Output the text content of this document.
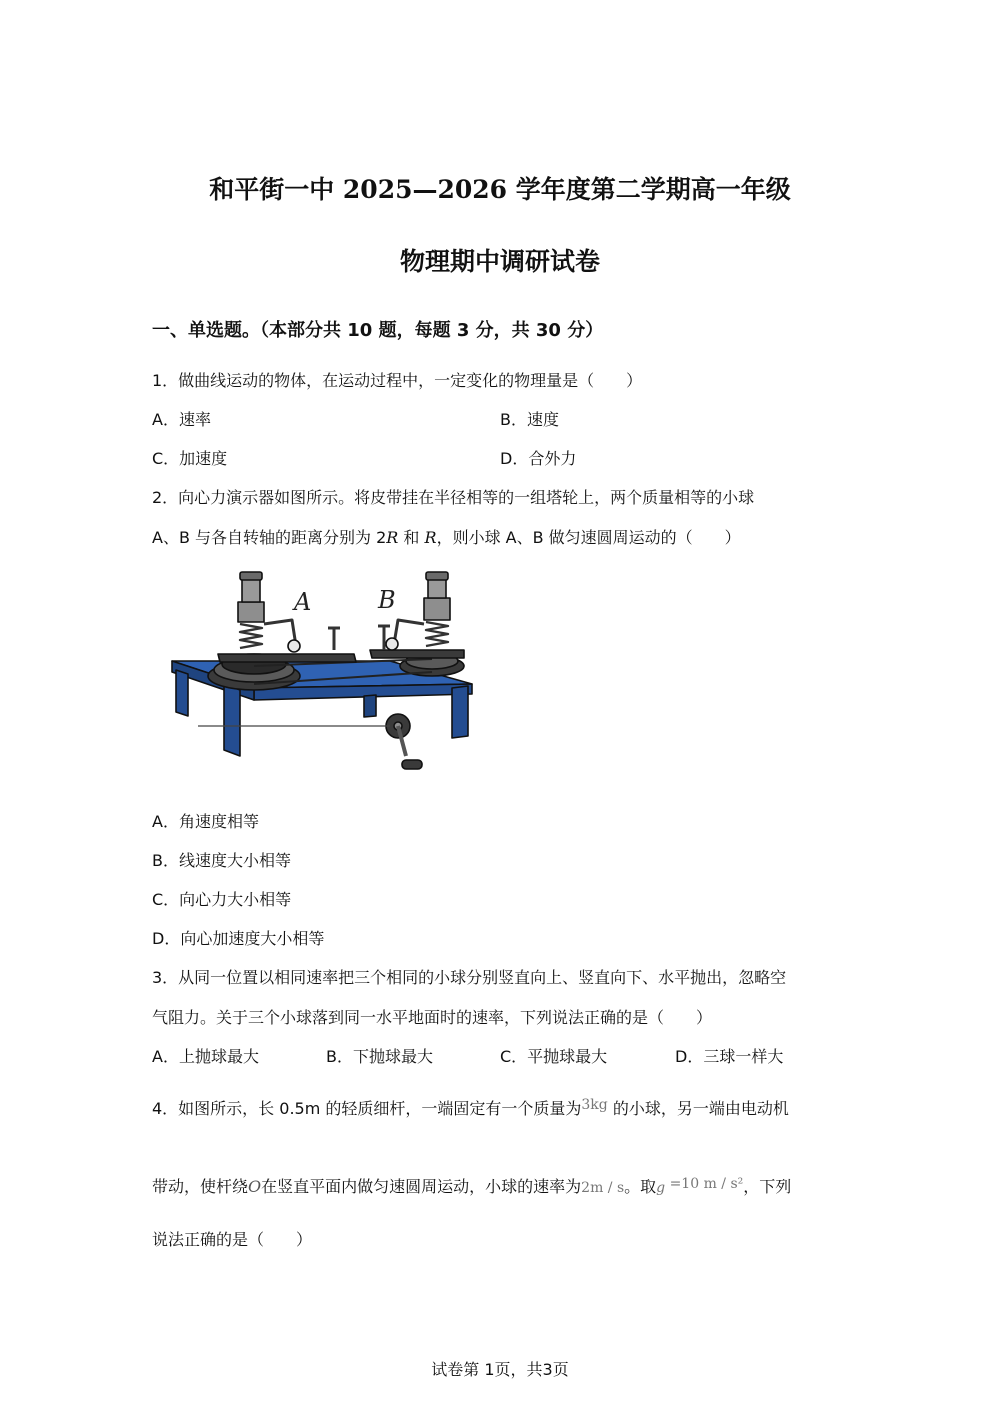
和平街一中 2025—2026 学年度第二学期高一年级
物理期中调研试卷
一、单选题。（本部分共 10 题，每题 3 分，共 30 分）
1．做曲线运动的物体，在运动过程中，一定变化的物理量是（　　）
A．速率	B．速度
C．加速度	D．合外力
2．向心力演示器如图所示。将皮带挂在半径相等的一组塔轮上，两个质量相等的小球
A、B 与各自转轴的距离分别为 2R 和 R，则小球 A、B 做匀速圆周运动的（　　）
A	B
A．角速度相等
B．线速度大小相等
C．向心力大小相等
D．向心加速度大小相等
3．从同一位置以相同速率把三个相同的小球分别竖直向上、竖直向下、水平抛出，忽略空
气阻力。关于三个小球落到同一水平地面时的速率，下列说法正确的是（　　）
A．上抛球最大	B．下抛球最大	C．平抛球最大	D．三球一样大
4．如图所示，长 0.5m 的轻质细杆，一端固定有一个质量为3kg 的小球，另一端由电动机
带动，使杆绕O在竖直平面内做匀速圆周运动，小球的速率为2m / s。取g =10 m / s²，下列
说法正确的是（　　）
试卷第 1页，共3页
